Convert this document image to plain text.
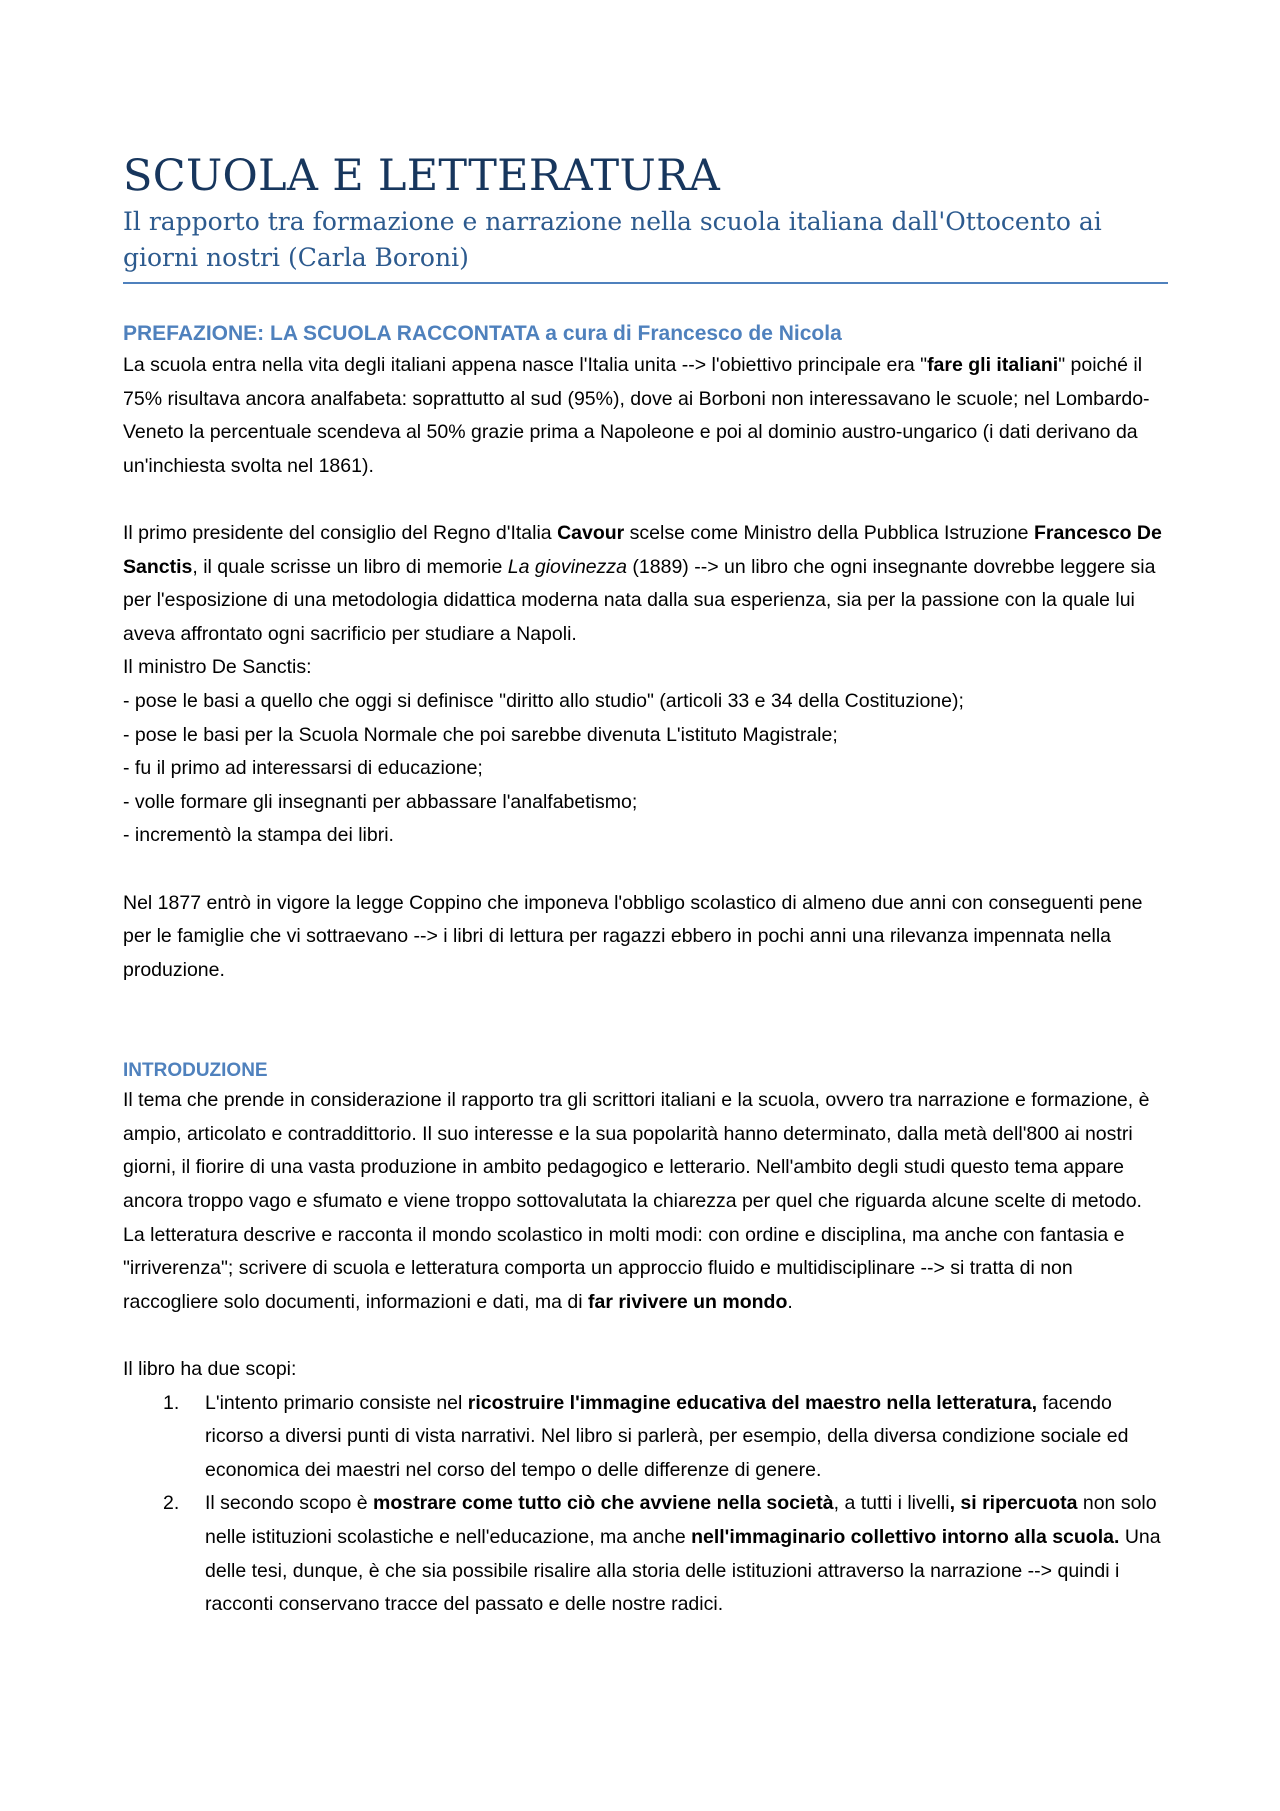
SCUOLA E LETTERATURA
Il rapporto tra formazione e narrazione nella scuola italiana dall'Ottocento ai giorni nostri (Carla Boroni)
PREFAZIONE: LA SCUOLA RACCONTATA a cura di Francesco de Nicola

La scuola entra nella vita degli italiani appena nasce l'Italia unita --> l'obiettivo principale era "fare gli italiani" poiché il 75% risultava ancora analfabeta: soprattutto al sud (95%), dove ai Borboni non interessavano le scuole; nel Lombardo- Veneto la percentuale scendeva al 50% grazie prima a Napoleone e poi al dominio austro-ungarico (i dati derivano da un'inchiesta svolta nel 1861).

Il primo presidente del consiglio del Regno d'Italia Cavour scelse come Ministro della Pubblica Istruzione Francesco De Sanctis, il quale scrisse un libro di memorie La giovinezza (1889) --> un libro che ogni insegnante dovrebbe leggere sia per l'esposizione di una metodologia didattica moderna nata dalla sua esperienza, sia per la passione con la quale lui aveva affrontato ogni sacrificio per studiare a Napoli.

Il ministro De Sanctis:

- pose le basi a quello che oggi si definisce "diritto allo studio" (articoli 33 e 34 della Costituzione);

- pose le basi per la Scuola Normale che poi sarebbe divenuta L'istituto Magistrale;

- fu il primo ad interessarsi di educazione;

- volle formare gli insegnanti per abbassare l'analfabetismo;

- incrementò la stampa dei libri.

Nel 1877 entrò in vigore la legge Coppino che imponeva l'obbligo scolastico di almeno due anni con conseguenti pene per le famiglie che vi sottraevano --> i libri di lettura per ragazzi ebbero in pochi anni una rilevanza impennata nella produzione.

INTRODUZIONE

Il tema che prende in considerazione il rapporto tra gli scrittori italiani e la scuola, ovvero tra narrazione e formazione, è ampio, articolato e contraddittorio. Il suo interesse e la sua popolarità hanno determinato, dalla metà dell'800 ai nostri giorni, il fiorire di una vasta produzione in ambito pedagogico e letterario. Nell'ambito degli studi questo tema appare ancora troppo vago e sfumato e viene troppo sottovalutata la chiarezza per quel che riguarda alcune scelte di metodo.

La letteratura descrive e racconta il mondo scolastico in molti modi: con ordine e disciplina, ma anche con fantasia e "irriverenza"; scrivere di scuola e letteratura comporta un approccio fluido e multidisciplinare --> si tratta di non raccogliere solo documenti, informazioni e dati, ma di far rivivere un mondo.

Il libro ha due scopi:

1. L'intento primario consiste nel ricostruire l'immagine educativa del maestro nella letteratura, facendo ricorso a diversi punti di vista narrativi. Nel libro si parlerà, per esempio, della diversa condizione sociale ed economica dei maestri nel corso del tempo o delle differenze di genere.
2. Il secondo scopo è mostrare come tutto ciò che avviene nella società, a tutti i livelli, si ripercuota non solo nelle istituzioni scolastiche e nell'educazione, ma anche nell'immaginario collettivo intorno alla scuola. Una delle tesi, dunque, è che sia possibile risalire alla storia delle istituzioni attraverso la narrazione --> quindi i racconti conservano tracce del passato e delle nostre radici.
